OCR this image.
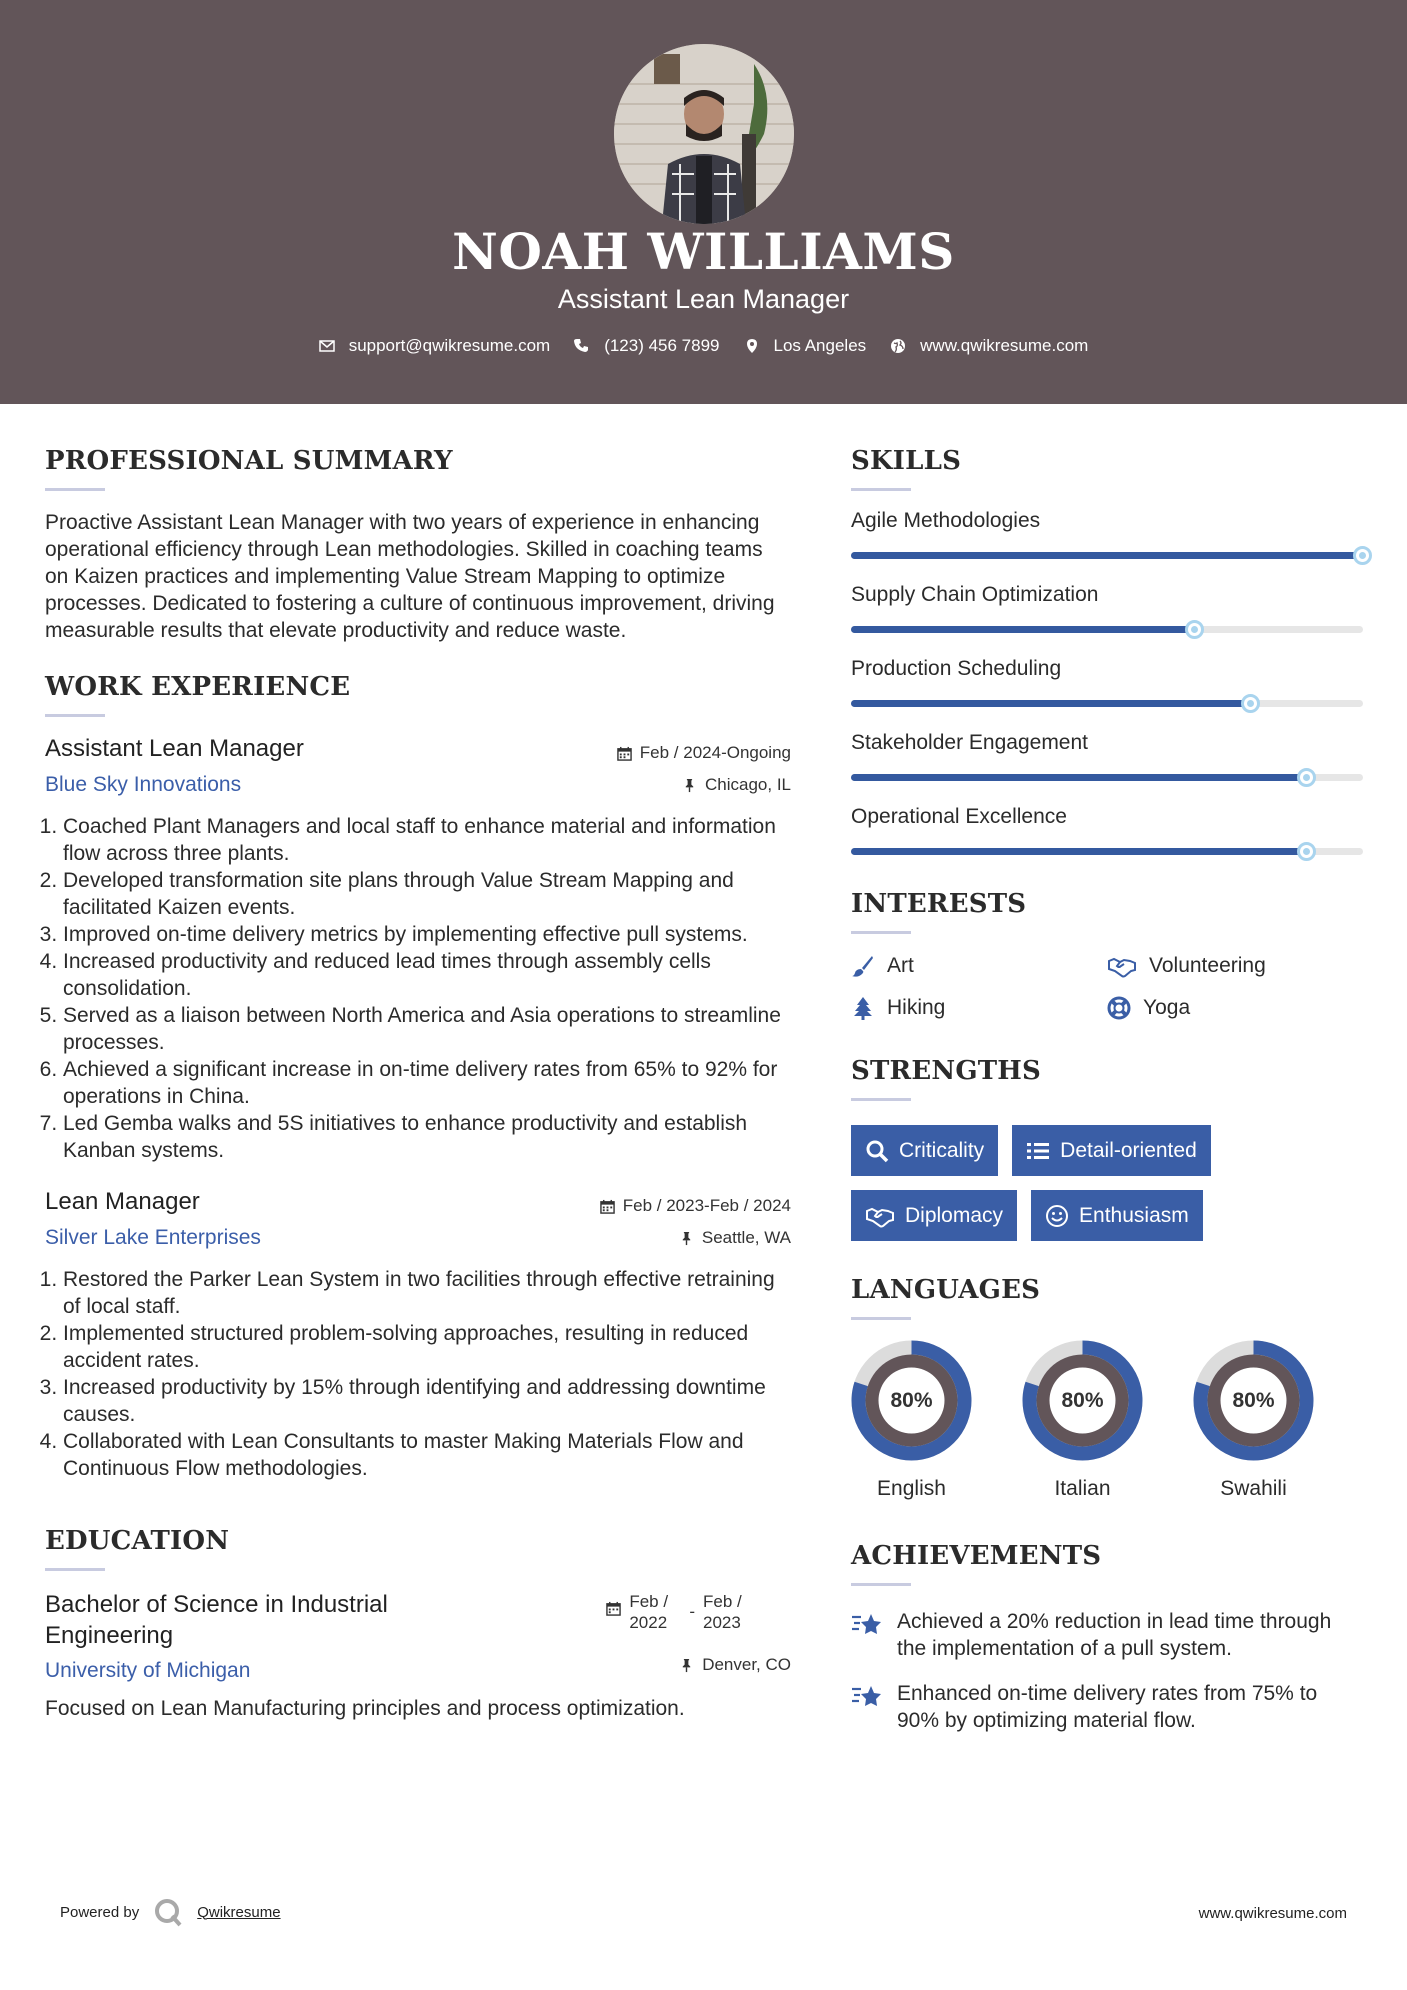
NOAH WILLIAMS
Assistant Lean Manager
support@qwikresume.com	(123) 456 7899	Los Angeles	www.qwikresume.com
PROFESSIONAL SUMMARY
Proactive Assistant Lean Manager with two years of experience in enhancing operational efficiency through Lean methodologies. Skilled in coaching teams on Kaizen practices and implementing Value Stream Mapping to optimize processes. Dedicated to fostering a culture of continuous improvement, driving measurable results that elevate productivity and reduce waste.
WORK EXPERIENCE
Feb / 2024-Ongoing
Chicago, IL
Assistant Lean Manager
Blue Sky Innovations
1. Coached Plant Managers and local staff to enhance material and information flow across three plants.
2. Developed transformation site plans through Value Stream Mapping and facilitated Kaizen events.
3. Improved on-time delivery metrics by implementing effective pull systems.
4. Increased productivity and reduced lead times through assembly cells consolidation.
5. Served as a liaison between North America and Asia operations to streamline processes.
6. Achieved a significant increase in on-time delivery rates from 65% to 92% for operations in China.
7. Led Gemba walks and 5S initiatives to enhance productivity and establish Kanban systems.
Feb / 2023-Feb / 2024
Seattle, WA
Lean Manager
Silver Lake Enterprises
1. Restored the Parker Lean System in two facilities through effective retraining of local staff.
2. Implemented structured problem-solving approaches, resulting in reduced accident rates.
3. Increased productivity by 15% through identifying and addressing downtime causes.
4. Collaborated with Lean Consultants to master Making Materials Flow and Continuous Flow methodologies.
EDUCATION
Feb / 2022
-
Feb / 2023
Denver, CO
Bachelor of Science in Industrial Engineering
University of Michigan
Focused on Lean Manufacturing principles and process optimization.
SKILLS
Agile Methodologies
Supply Chain Optimization
Production Scheduling
Stakeholder Engagement
Operational Excellence
INTERESTS
Art	Volunteering
Hiking	Yoga
STRENGTHS
Criticality	Detail-oriented
Diplomacy	Enthusiasm
LANGUAGES
80%
English
80%
Italian
80%
Swahili
ACHIEVEMENTS
Achieved a 20% reduction in lead time through the implementation of a pull system.
Enhanced on-time delivery rates from 75% to 90% by optimizing material flow.
Powered by	Qwikresume	www.qwikresume.com
